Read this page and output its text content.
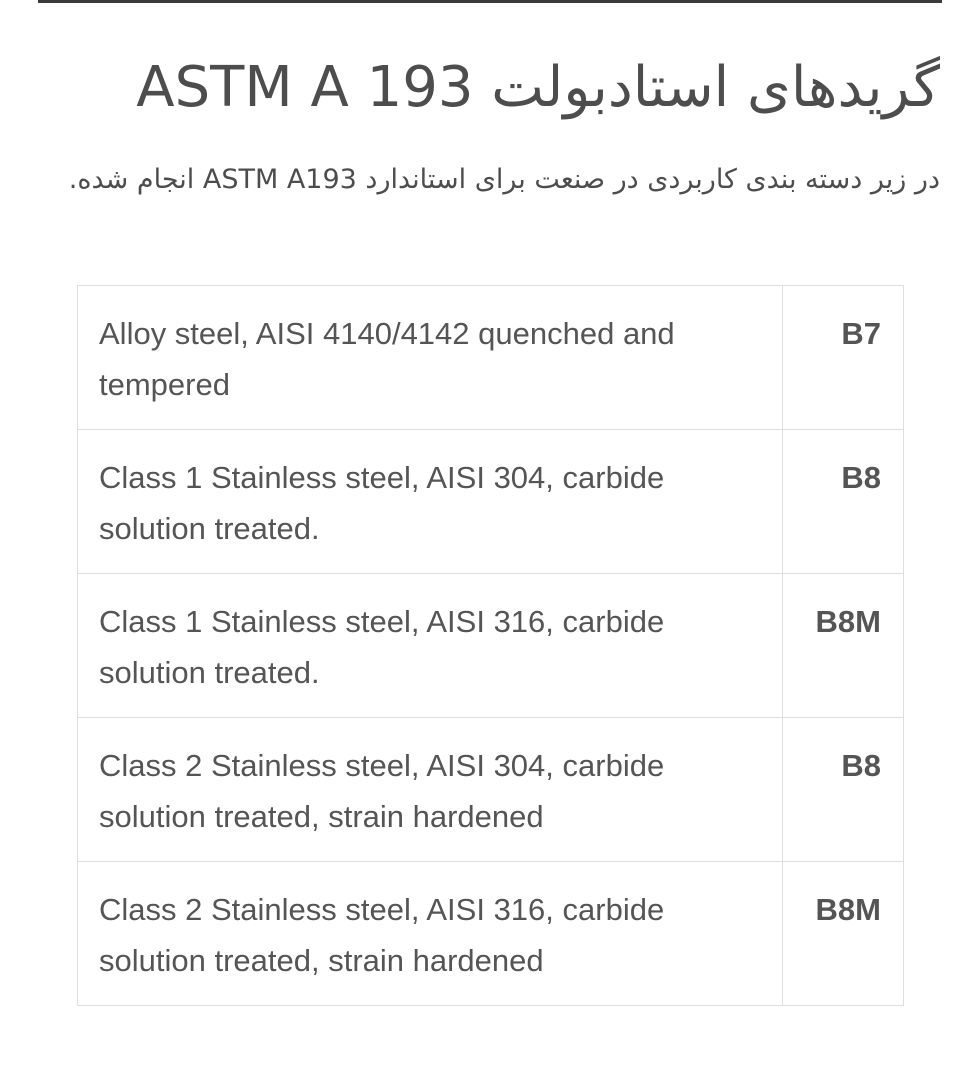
گریدهای استادبولت ASTM A 193

در زیر دسته بندی کاربردی در صنعت برای استاندارد ASTM A193 انجام شده.

Alloy steel, AISI 4140/4142 quenched and tempered	B7
Class 1 Stainless steel, AISI 304, carbide solution treated.	B8
Class 1 Stainless steel, AISI 316, carbide solution treated.	B8M
Class 2 Stainless steel, AISI 304, carbide solution treated, strain hardened	B8
Class 2 Stainless steel, AISI 316, carbide solution treated, strain hardened	B8M
